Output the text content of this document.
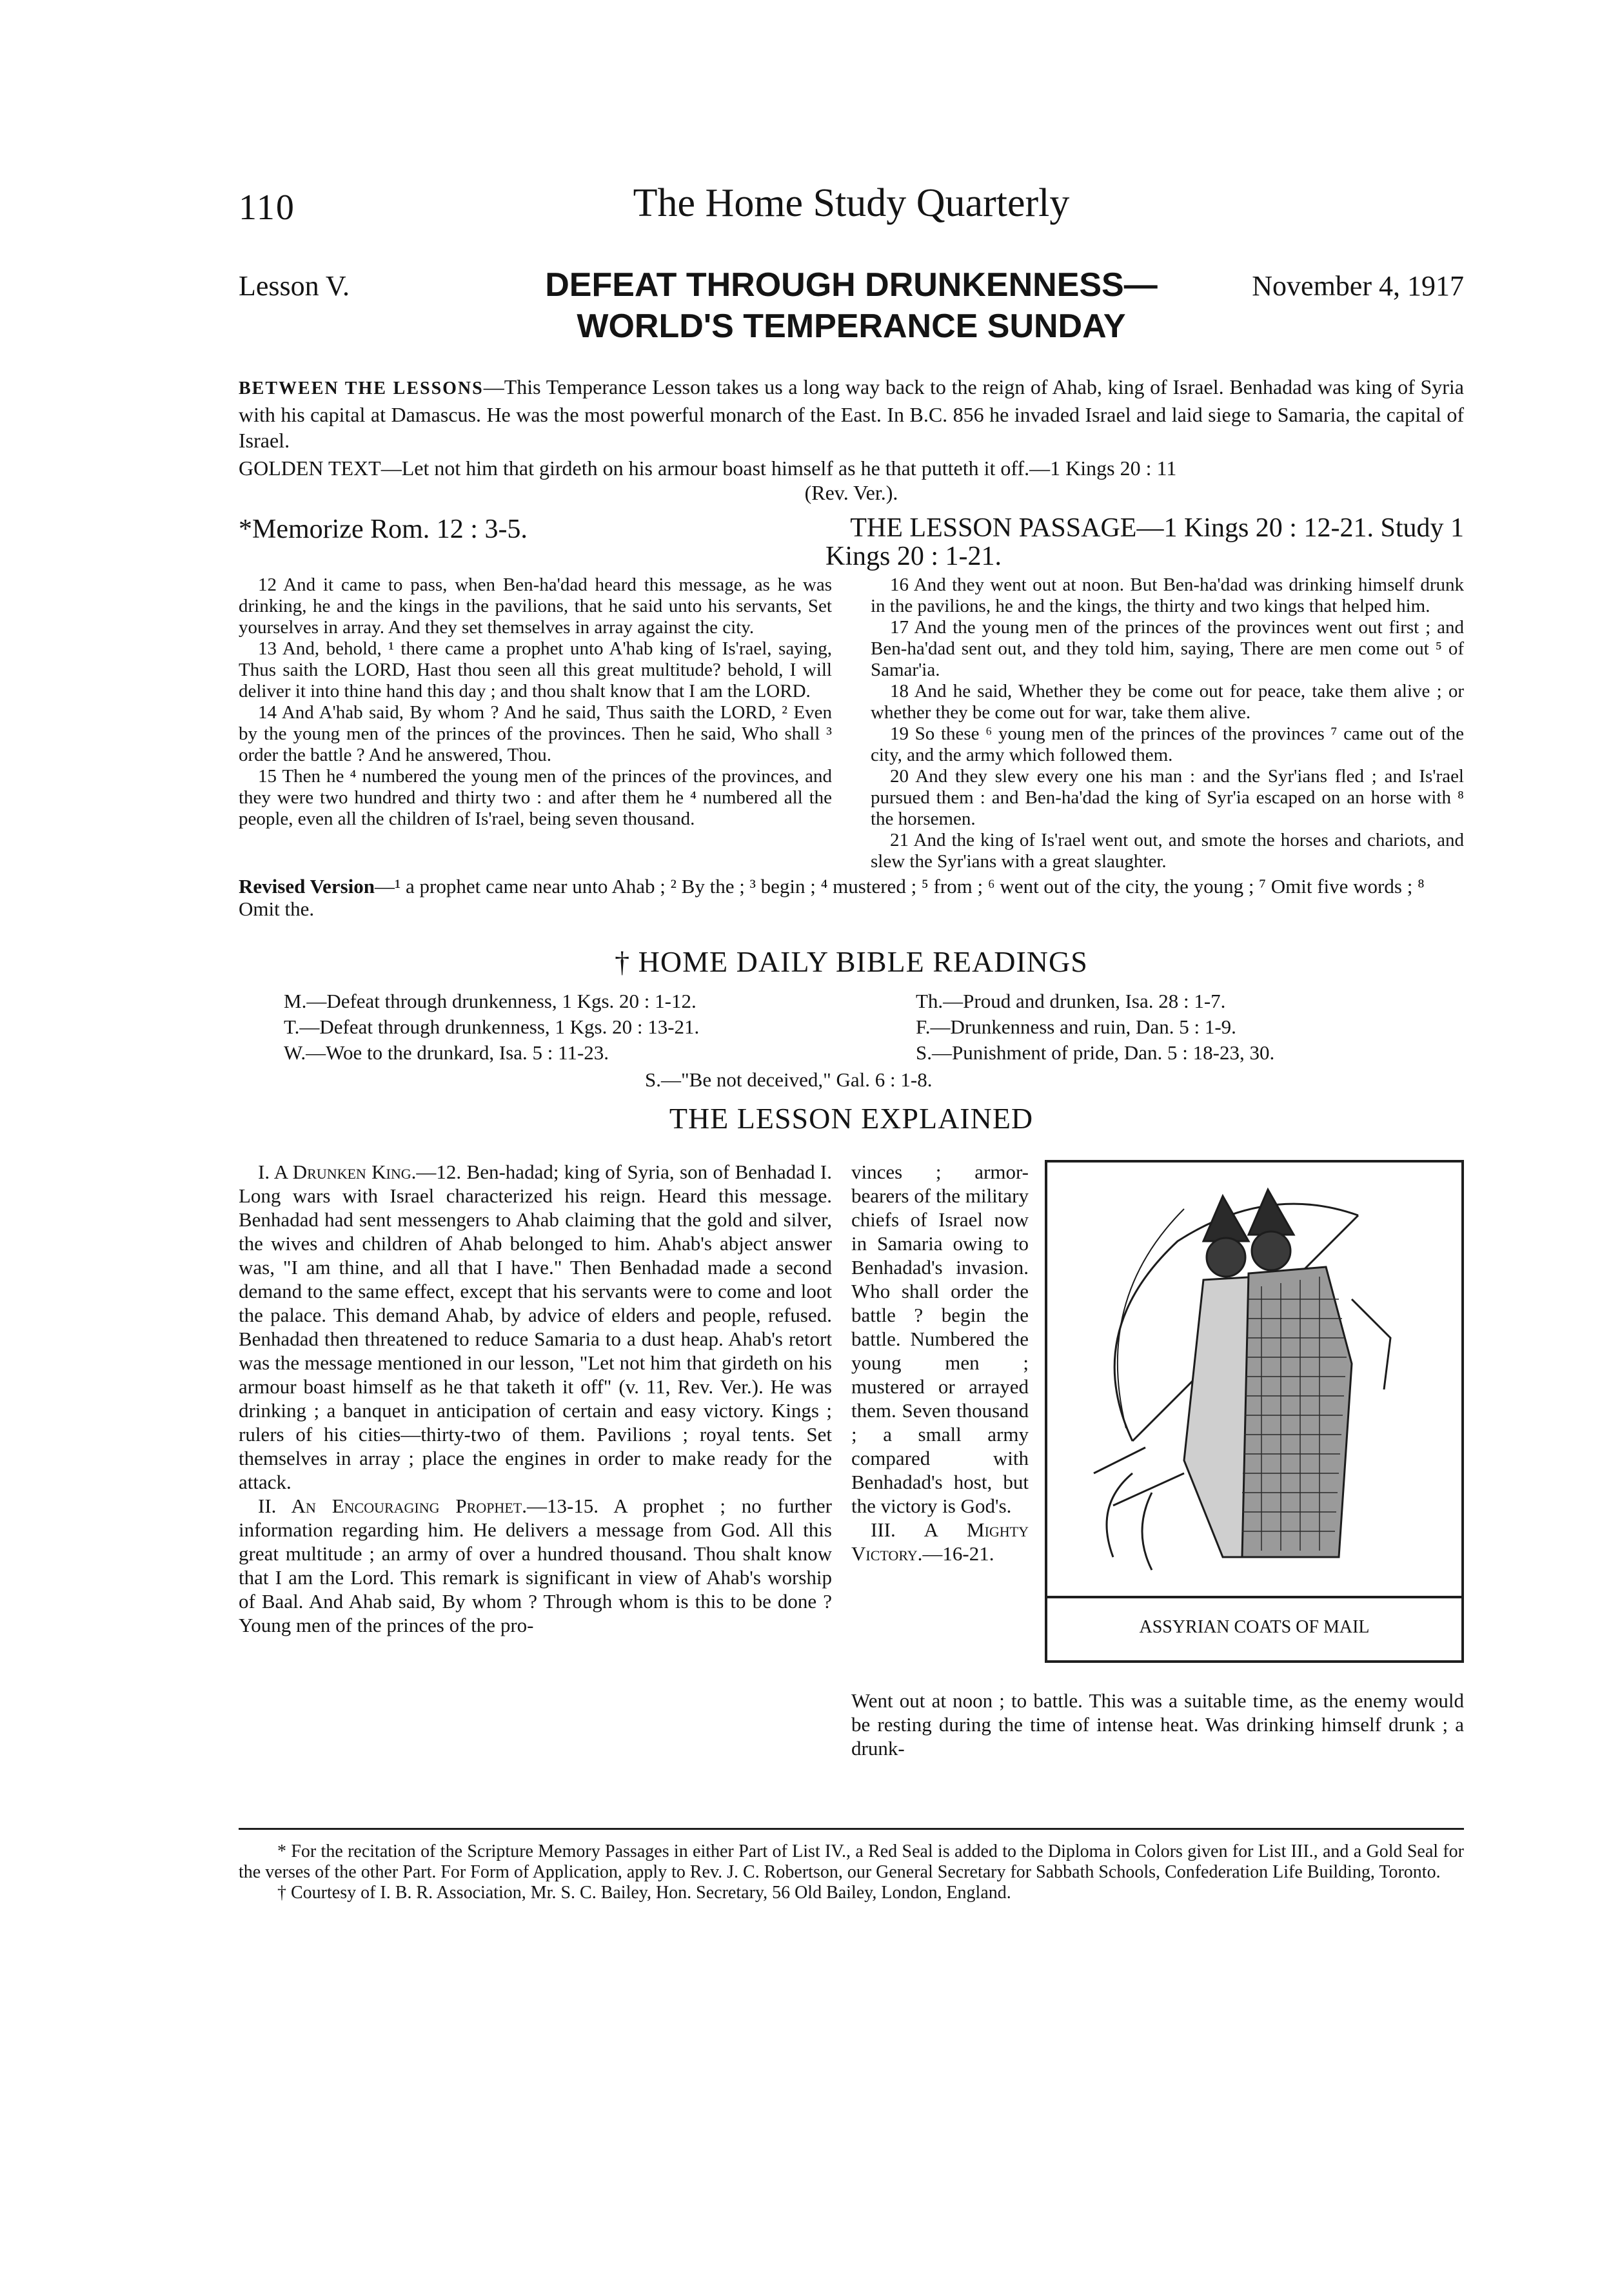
110	The Home Study Quarterly
Lesson V.	DEFEAT THROUGH DRUNKENNESS—
WORLD'S TEMPERANCE SUNDAY
November 4, 1917
BETWEEN THE LESSONS—This Temperance Lesson takes us a long way back to the reign of Ahab, king of Israel. Benhadad was king of Syria with his capital at Damascus. He was the most powerful monarch of the East. In B.C. 856 he invaded Israel and laid siege to Samaria, the capital of Israel.
GOLDEN TEXT—Let not him that girdeth on his armour boast himself as he that putteth it off.—1 Kings 20 : 11
(Rev. Ver.).
*Memorize Rom. 12 : 3-5.	THE LESSON PASSAGE—1 Kings 20 : 12-21. Study 1
Kings 20 : 1-21.

12 And it came to pass, when Ben-ha'dad heard this message, as he was drinking, he and the kings in the pavilions, that he said unto his servants, Set yourselves in array. And they set themselves in array against the city.

13 And, behold, ¹ there came a prophet unto A'hab king of Is'rael, saying, Thus saith the LORD, Hast thou seen all this great multitude? behold, I will deliver it into thine hand this day ; and thou shalt know that I am the LORD.

14 And A'hab said, By whom ? And he said, Thus saith the LORD, ² Even by the young men of the princes of the provinces. Then he said, Who shall ³ order the battle ? And he answered, Thou.

15 Then he ⁴ numbered the young men of the princes of the provinces, and they were two hundred and thirty two : and after them he ⁴ numbered all the people, even all the children of Is'rael, being seven thousand.

16 And they went out at noon. But Ben-ha'dad was drinking himself drunk in the pavilions, he and the kings, the thirty and two kings that helped him.

17 And the young men of the princes of the provinces went out first ; and Ben-ha'dad sent out, and they told him, saying, There are men come out ⁵ of Samar'ia.

18 And he said, Whether they be come out for peace, take them alive ; or whether they be come out for war, take them alive.

19 So these ⁶ young men of the princes of the provinces ⁷ came out of the city, and the army which followed them.

20 And they slew every one his man : and the Syr'ians fled ; and Is'rael pursued them : and Ben-ha'dad the king of Syr'ia escaped on an horse with ⁸ the horsemen.

21 And the king of Is'rael went out, and smote the horses and chariots, and slew the Syr'ians with a great slaughter.

Revised Version—¹ a prophet came near unto Ahab ; ² By the ; ³ begin ; ⁴ mustered ; ⁵ from ; ⁶ went out of the city, the young ; ⁷ Omit five words ; ⁸ Omit the.
† HOME DAILY BIBLE READINGS
M.—Defeat through drunkenness, 1 Kgs. 20 : 1-12.
T.—Defeat through drunkenness, 1 Kgs. 20 : 13-21.
W.—Woe to the drunkard, Isa. 5 : 11-23.
Th.—Proud and drunken, Isa. 28 : 1-7.
F.—Drunkenness and ruin, Dan. 5 : 1-9.
S.—Punishment of pride, Dan. 5 : 18-23, 30.
S.—"Be not deceived," Gal. 6 : 1-8.
THE LESSON EXPLAINED

I. A Drunken King.—12. Ben-hadad; king of Syria, son of Benhadad I. Long wars with Israel characterized his reign. Heard this message. Benhadad had sent messengers to Ahab claiming that the gold and silver, the wives and children of Ahab belonged to him. Ahab's abject answer was, "I am thine, and all that I have." Then Benhadad made a second demand to the same effect, except that his servants were to come and loot the palace. This demand Ahab, by advice of elders and people, refused. Benhadad then threatened to reduce Samaria to a dust heap. Ahab's retort was the message mentioned in our lesson, "Let not him that girdeth on his armour boast himself as he that taketh it off" (v. 11, Rev. Ver.). He was drinking ; a banquet in anticipation of certain and easy victory. Kings ; rulers of his cities—thirty-two of them. Pavilions ; royal tents. Set themselves in array ; place the engines in order to make ready for the attack.

II. An Encouraging Prophet.—13-15. A prophet ; no further information regarding him. He delivers a message from God. All this great multitude ; an army of over a hundred thousand. Thou shalt know that I am the Lord. This remark is significant in view of Ahab's worship of Baal. And Ahab said, By whom ? Through whom is this to be done ? Young men of the princes of the pro-

vinces ; armor-bearers of the military chiefs of Israel now in Samaria owing to Benhadad's invasion. Who shall order the battle ? begin the battle. Numbered the young men ; mustered or arrayed them. Seven thousand ; a small army compared with Benhadad's host, but the victory is God's.

III. A Mighty Victory.—16-21.

Went out at noon ; to battle. This was a suitable time, as the enemy would be resting during the time of intense heat. Was drinking himself drunk ; a drunk-

ASSYRIAN COATS OF MAIL

* For the recitation of the Scripture Memory Passages in either Part of List IV., a Red Seal is added to the Diploma in Colors given for List III., and a Gold Seal for the verses of the other Part. For Form of Application, apply to Rev. J. C. Robertson, our General Secretary for Sabbath Schools, Confederation Life Building, Toronto.

† Courtesy of I. B. R. Association, Mr. S. C. Bailey, Hon. Secretary, 56 Old Bailey, London, England.
